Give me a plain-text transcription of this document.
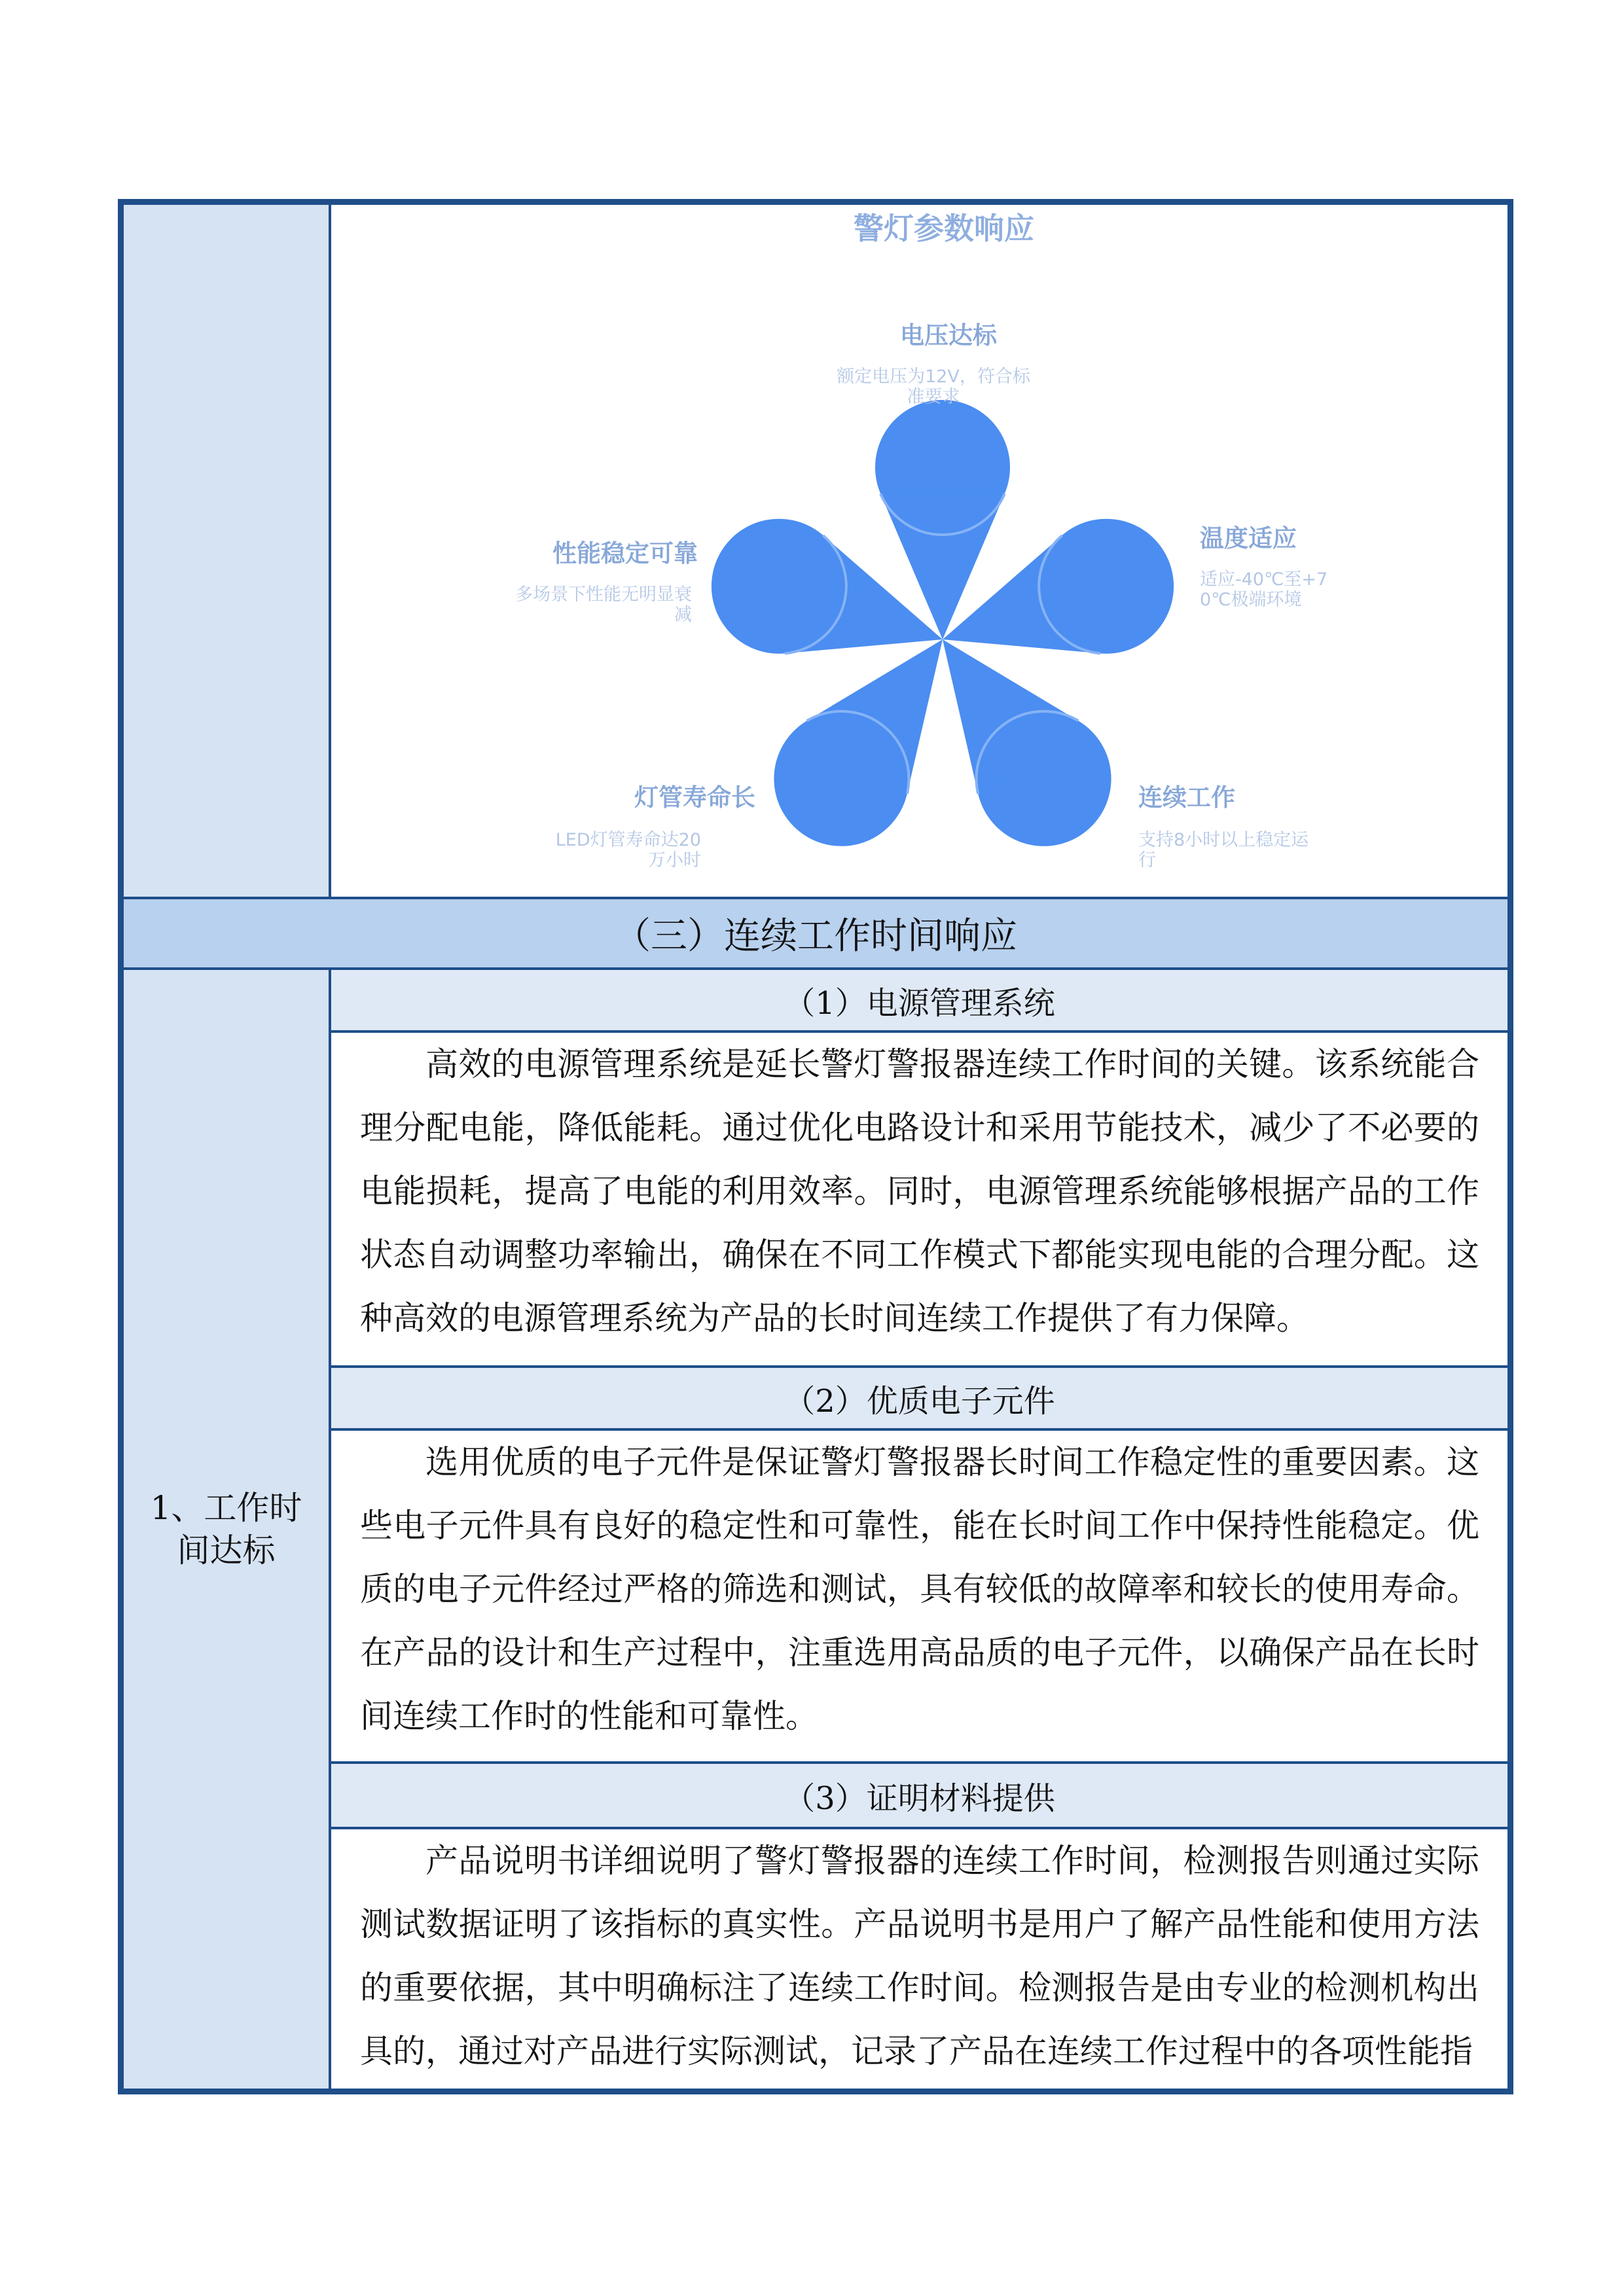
警灯参数响应
电压达标
额定电压为12V，符合标准要求
温度适应
适应-40℃至+70℃极端环境
连续工作
支持8小时以上稳定运行
灯管寿命长
LED灯管寿命达20万小时
性能稳定可靠
多场景下性能无明显衰减
（三）连续工作时间响应
1、工作时间达标
（1）电源管理系统

高效的电源管理系统是延长警灯警报器连续工作时间的关键。该系统能合理分配电能，降低能耗。通过优化电路设计和采用节能技术，减少了不必要的电能损耗，提高了电能的利用效率。同时，电源管理系统能够根据产品的工作状态自动调整功率输出，确保在不同工作模式下都能实现电能的合理分配。这种高效的电源管理系统为产品的长时间连续工作提供了有力保障。

（2）优质电子元件

选用优质的电子元件是保证警灯警报器长时间工作稳定性的重要因素。这些电子元件具有良好的稳定性和可靠性，能在长时间工作中保持性能稳定。优质的电子元件经过严格的筛选和测试，具有较低的故障率和较长的使用寿命。在产品的设计和生产过程中，注重选用高品质的电子元件，以确保产品在长时间连续工作时的性能和可靠性。

（3）证明材料提供

产品说明书详细说明了警灯警报器的连续工作时间，检测报告则通过实际测试数据证明了该指标的真实性。产品说明书是用户了解产品性能和使用方法的重要依据，其中明确标注了连续工作时间。检测报告是由专业的检测机构出具的，通过对产品进行实际测试，记录了产品在连续工作过程中的各项性能指
